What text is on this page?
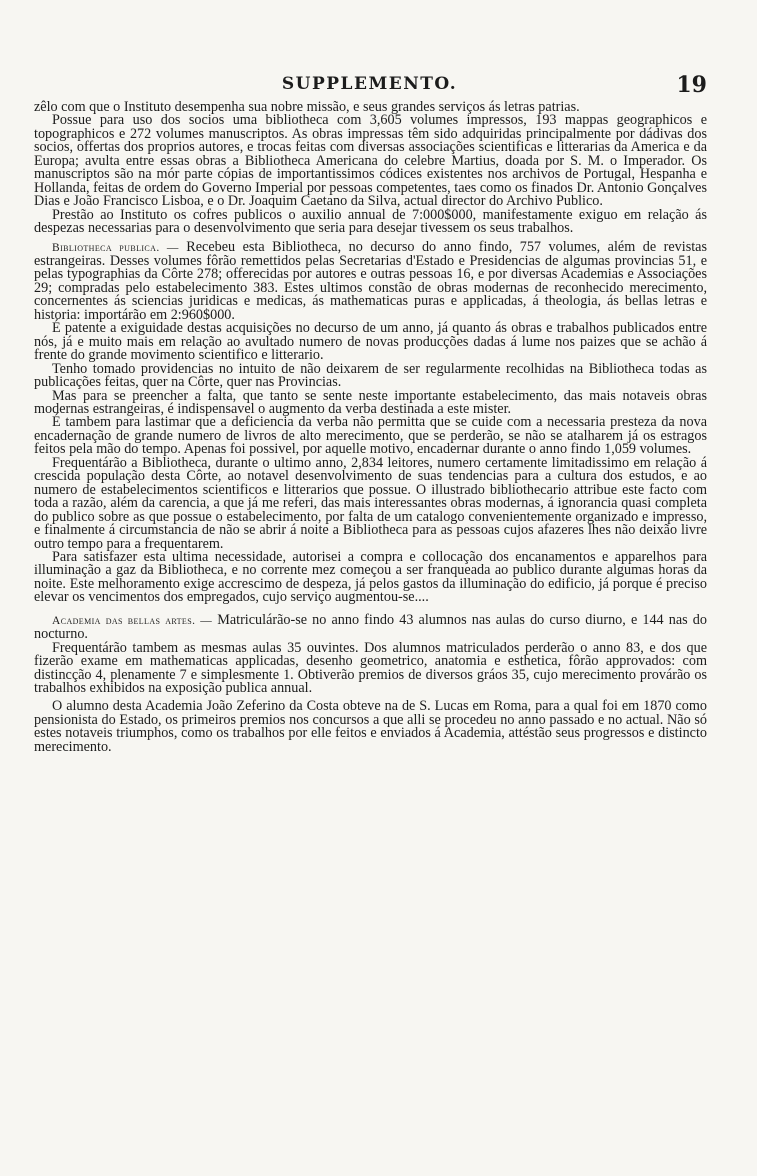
SUPPLEMENTO.	19

zêlo com que o Instituto desempenha sua nobre missão, e seus grandes serviços ás letras patrias.

Possue para uso dos socios uma bibliotheca com 3,605 volumes impressos, 193 mappas geographicos e topographicos e 272 volumes manuscriptos. As obras impressas têm sido adquiridas principalmente por dádivas dos socios, offertas dos proprios autores, e trocas feitas com diversas associações scientificas e litterarias da America e da Europa; avulta entre essas obras a Bibliotheca Americana do celebre Martius, doada por S. M. o Imperador. Os manuscriptos são na mór parte cópias de importantissimos códices existentes nos archivos de Portugal, Hespanha e Hollanda, feitas de ordem do Governo Imperial por pessoas competentes, taes como os finados Dr. Antonio Gonçalves Dias e João Francisco Lisboa, e o Dr. Joaquim Caetano da Silva, actual director do Archivo Publico.

Prestão ao Instituto os cofres publicos o auxilio annual de 7:000$000, manifestamente exiguo em relação ás despezas necessarias para o desenvolvimento que seria para desejar tivessem os seus trabalhos.

Bibliotheca publica. — Recebeu esta Bibliotheca, no decurso do anno findo, 757 volumes, além de revistas estrangeiras. Desses volumes fôrão remettidos pelas Secretarias d'Estado e Presidencias de algumas provincias 51, e pelas typographias da Côrte 278; offerecidas por autores e outras pessoas 16, e por diversas Academias e Associações 29; compradas pelo estabelecimento 383. Estes ultimos constão de obras modernas de reconhecido merecimento, concernentes ás sciencias juridicas e medicas, ás mathematicas puras e applicadas, á theologia, ás bellas letras e historia: importárão em 2:960$000.

É patente a exiguidade destas acquisições no decurso de um anno, já quanto ás obras e trabalhos publicados entre nós, já e muito mais em relação ao avultado numero de novas producções dadas á lume nos paizes que se achão á frente do grande movimento scientifico e litterario.

Tenho tomado providencias no intuito de não deixarem de ser regularmente recolhidas na Bibliotheca todas as publicações feitas, quer na Côrte, quer nas Provincias.

Mas para se preencher a falta, que tanto se sente neste importante estabelecimento, das mais notaveis obras modernas estrangeiras, é indispensavel o augmento da verba destinada a este mister.

É tambem para lastimar que a deficiencia da verba não permitta que se cuide com a necessaria presteza da nova encadernação de grande numero de livros de alto merecimento, que se perderão, se não se atalharem já os estragos feitos pela mão do tempo. Apenas foi possivel, por aquelle motivo, encadernar durante o anno findo 1,059 volumes.

Frequentárão a Bibliotheca, durante o ultimo anno, 2,834 leitores, numero certamente limitadissimo em relação á crescida população desta Côrte, ao notavel desenvolvimento de suas tendencias para a cultura dos estudos, e ao numero de estabelecimentos scientificos e litterarios que possue. O illustrado bibliothecario attribue este facto com toda a razão, além da carencia, a que já me referi, das mais interessantes obras modernas, á ignorancia quasi completa do publico sobre as que possue o estabelecimento, por falta de um catalogo convenientemente organizado e impresso, e finalmente á circumstancia de não se abrir á noite a Bibliotheca para as pessoas cujos afazeres lhes não deixão livre outro tempo para a frequentarem.

Para satisfazer esta ultima necessidade, autorisei a compra e collocação dos encanamentos e apparelhos para illuminação a gaz da Bibliotheca, e no corrente mez começou a ser franqueada ao publico durante algumas horas da noite. Este melhoramento exige accrescimo de despeza, já pelos gastos da illuminação do edificio, já porque é preciso elevar os vencimentos dos empregados, cujo serviço augmentou-se....

Academia das bellas artes. — Matriculárão-se no anno findo 43 alumnos nas aulas do curso diurno, e 144 nas do nocturno.

Frequentárão tambem as mesmas aulas 35 ouvintes. Dos alumnos matriculados perderão o anno 83, e dos que fizerão exame em mathematicas applicadas, desenho geometrico, anatomia e esthetica, fôrão approvados: com distincção 4, plenamente 7 e simplesmente 1. Obtiverão premios de diversos gráos 35, cujo merecimento provárão os trabalhos exhibidos na exposição publica annual.

O alumno desta Academia João Zeferino da Costa obteve na de S. Lucas em Roma, para a qual foi em 1870 como pensionista do Estado, os primeiros premios nos concursos a que alli se procedeu no anno passado e no actual. Não só estes notaveis triumphos, como os trabalhos por elle feitos e enviados á Academia, attéstão seus progressos e distincto merecimento.
